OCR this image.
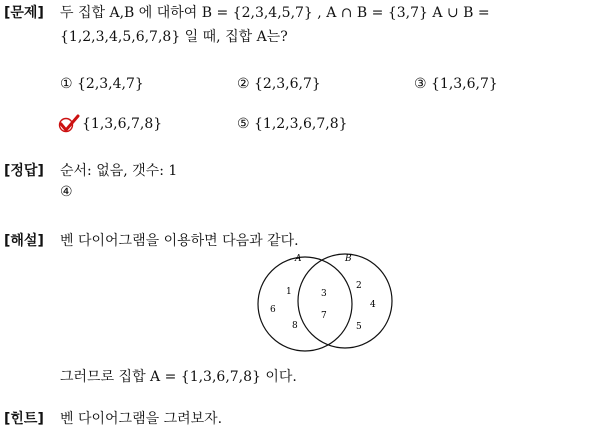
[문제] 두 집합 A,B 에 대하여 B = {2,3,4,5,7} , A ∩ B = {3,7} A ∪ B =
{1,2,3,4,5,6,7,8} 일 때, 집합 A는?
① {2,3,4,7}	② {2,3,6,7}	③ {1,3,6,7}
{1,3,6,7,8}	⑤ {1,2,3,6,7,8}
[정답] 순서: 없음, 갯수: 1
④
[해설] 벤 다이어그램을 이용하면 다음과 같다.
A	B
1
6
8
3
7
2
4
5
그러므로 집합 A = {1,3,6,7,8} 이다.
[힌트] 벤 다이어그램을 그려보자.
